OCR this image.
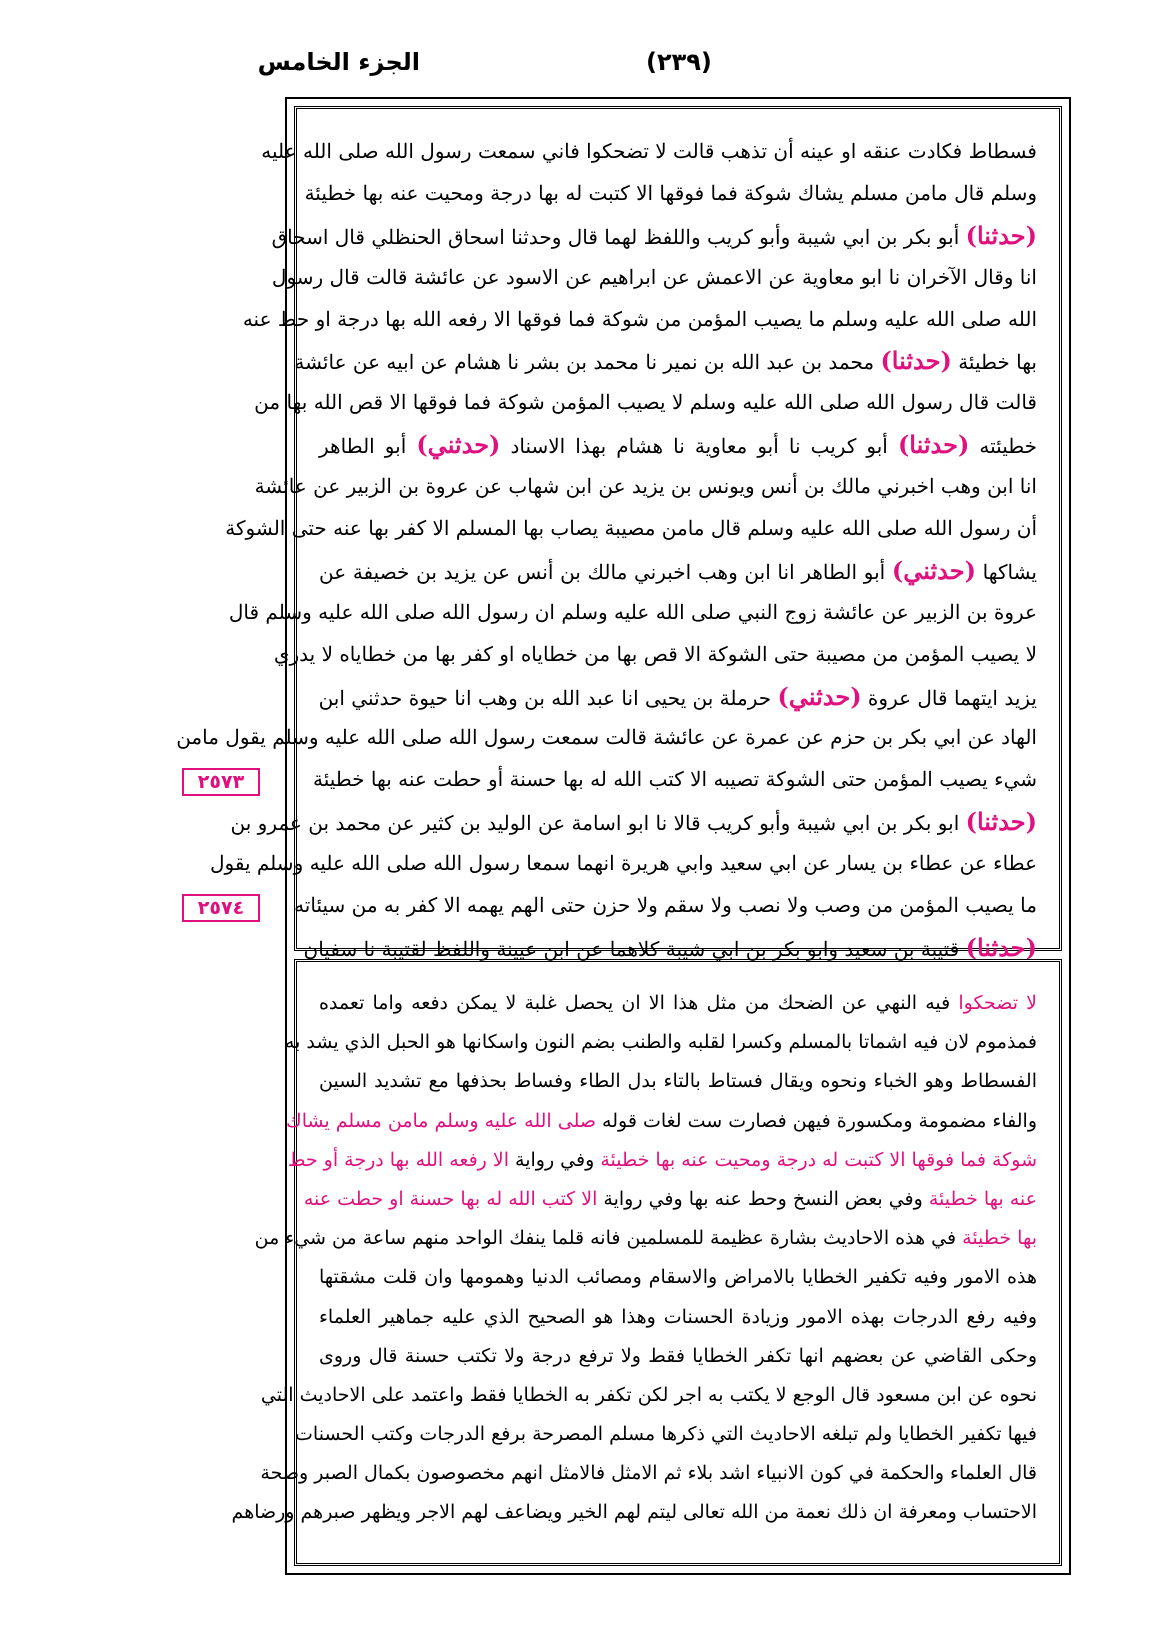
الجزء الخامس	(٢٣٩)
فسطاط فكادت عنقه او عينه أن تذهب قالت لا تضحكوا فاني سمعت رسول الله صلى الله عليه
وسلم قال مامن مسلم يشاك شوكة فما فوقها الا كتبت له بها درجة ومحيت عنه بها خطيئة
(حدثنا) أبو بكر بن ابي شيبة وأبو كريب واللفظ لهما قال وحدثنا اسحاق الحنظلي قال اسحاق
انا وقال الآخران نا ابو معاوية عن الاعمش عن ابراهيم عن الاسود عن عائشة قالت قال رسول
الله صلى الله عليه وسلم ما يصيب المؤمن من شوكة فما فوقها الا رفعه الله بها درجة او حط عنه
بها خطيئة (حدثنا) محمد بن عبد الله بن نمير نا محمد بن بشر نا هشام عن ابيه عن عائشة
قالت قال رسول الله صلى الله عليه وسلم لا يصيب المؤمن شوكة فما فوقها الا قص الله بها من
خطيئته (حدثنا) أبو كريب نا أبو معاوية نا هشام بهذا الاسناد (حدثني) أبو الطاهر
انا ابن وهب اخبرني مالك بن أنس ويونس بن يزيد عن ابن شهاب عن عروة بن الزبير عن عائشة
أن رسول الله صلى الله عليه وسلم قال مامن مصيبة يصاب بها المسلم الا كفر بها عنه حتى الشوكة
يشاكها (حدثني) أبو الطاهر انا ابن وهب اخبرني مالك بن أنس عن يزيد بن خصيفة عن
عروة بن الزبير عن عائشة زوج النبي صلى الله عليه وسلم ان رسول الله صلى الله عليه وسلم قال
لا يصيب المؤمن من مصيبة حتى الشوكة الا قص بها من خطاياه او كفر بها من خطاياه لا يدري
يزيد ايتهما قال عروة (حدثني) حرملة بن يحيى انا عبد الله بن وهب انا حيوة حدثني ابن
الهاد عن ابي بكر بن حزم عن عمرة عن عائشة قالت سمعت رسول الله صلى الله عليه وسلم يقول مامن
شيء يصيب المؤمن حتى الشوكة تصيبه الا كتب الله له بها حسنة أو حطت عنه بها خطيئة
(حدثنا) ابو بكر بن ابي شيبة وأبو كريب قالا نا ابو اسامة عن الوليد بن كثير عن محمد بن عمرو بن
عطاء عن عطاء بن يسار عن ابي سعيد وابي هريرة انهما سمعا رسول الله صلى الله عليه وسلم يقول
ما يصيب المؤمن من وصب ولا نصب ولا سقم ولا حزن حتى الهم يهمه الا كفر به من سيئاته
(حدثنا) قتيبة بن سعيد وابو بكر بن ابي شيبة كلاهما عن ابن عيينة واللفظ لقتيبة نا سفيان
لا تضحكوا فيه النهي عن الضحك من مثل هذا الا ان يحصل غلبة لا يمكن دفعه واما تعمده
فمذموم لان فيه اشماتا بالمسلم وكسرا لقلبه والطنب بضم النون واسكانها هو الحبل الذي يشد به
الفسطاط وهو الخباء ونحوه ويقال فستاط بالتاء بدل الطاء وفساط بحذفها مع تشديد السين
والفاء مضمومة ومكسورة فيهن فصارت ست لغات قوله صلى الله عليه وسلم مامن مسلم يشاك
شوكة فما فوقها الا كتبت له درجة ومحيت عنه بها خطيئة وفي رواية الا رفعه الله بها درجة أو حط
عنه بها خطيئة وفي بعض النسخ وحط عنه بها وفي رواية الا كتب الله له بها حسنة او حطت عنه
بها خطيئة في هذه الاحاديث بشارة عظيمة للمسلمين فانه قلما ينفك الواحد منهم ساعة من شيء من
هذه الامور وفيه تكفير الخطايا بالامراض والاسقام ومصائب الدنيا وهمومها وان قلت مشقتها
وفيه رفع الدرجات بهذه الامور وزيادة الحسنات وهذا هو الصحيح الذي عليه جماهير العلماء
وحكى القاضي عن بعضهم انها تكفر الخطايا فقط ولا ترفع درجة ولا تكتب حسنة قال وروى
نحوه عن ابن مسعود قال الوجع لا يكتب به اجر لكن تكفر به الخطايا فقط واعتمد على الاحاديث التي
فيها تكفير الخطايا ولم تبلغه الاحاديث التي ذكرها مسلم المصرحة برفع الدرجات وكتب الحسنات
قال العلماء والحكمة في كون الانبياء اشد بلاء ثم الامثل فالامثل انهم مخصوصون بكمال الصبر وصحة
الاحتساب ومعرفة ان ذلك نعمة من الله تعالى ليتم لهم الخير ويضاعف لهم الاجر ويظهر صبرهم ورضاهم
٢٥٧٣
٢٥٧٤
